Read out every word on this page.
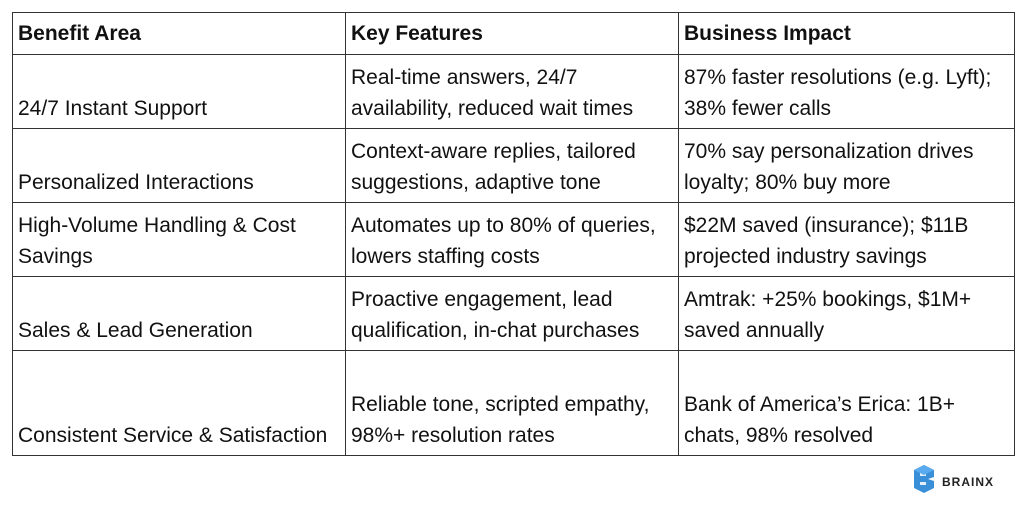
Benefit Area	Key Features	Business Impact
24/7 Instant Support	Real-time answers, 24/7 availability, reduced wait times	87% faster resolutions (e.g. Lyft); 38% fewer calls
Personalized Interactions	Context-aware replies, tailored suggestions, adaptive tone	70% say personalization drives loyalty; 80% buy more
High-Volume Handling & Cost Savings	Automates up to 80% of queries, lowers staffing costs	$22M saved (insurance); $11B projected industry savings
Sales & Lead Generation	Proactive engagement, lead qualification, in-chat purchases	Amtrak: +25% bookings, $1M+ saved annually
Consistent Service & Satisfaction	Reliable tone, scripted empathy, 98%+ resolution rates	Bank of America’s Erica: 1B+ chats, 98% resolved
BRAINX
